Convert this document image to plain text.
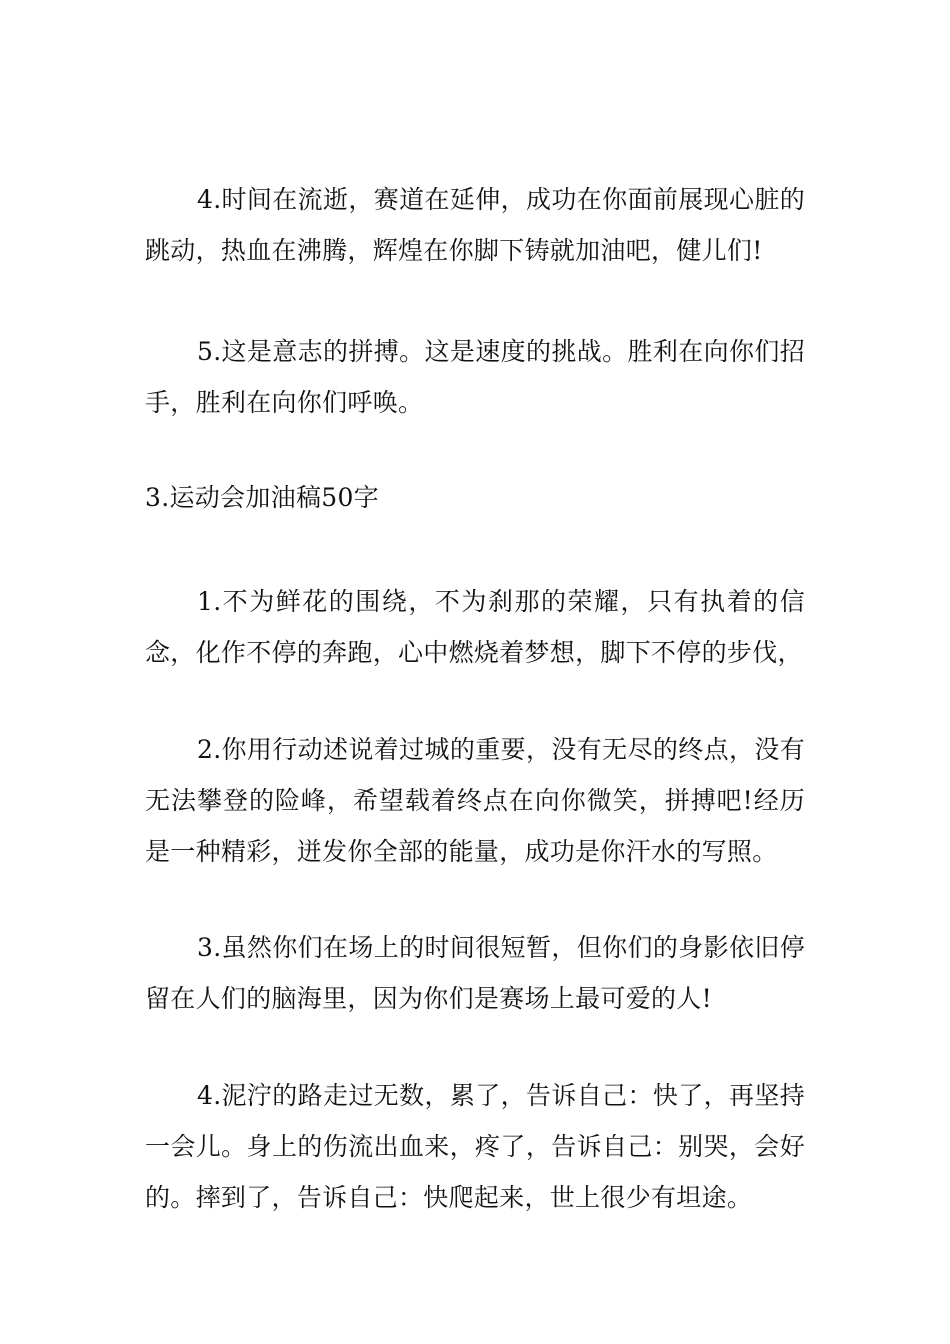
4.时间在流逝，赛道在延伸，成功在你面前展现心脏的跳动，热血在沸腾，辉煌在你脚下铸就加油吧，健儿们!

5.这是意志的拼搏。这是速度的挑战。胜利在向你们招手，胜利在向你们呼唤。

3.运动会加油稿50字

1.不为鲜花的围绕，不为刹那的荣耀，只有执着的信念，化作不停的奔跑，心中燃烧着梦想，脚下不停的步伐，

2.你用行动述说着过城的重要，没有无尽的终点，没有无法攀登的险峰，希望载着终点在向你微笑，拼搏吧!经历是一种精彩，迸发你全部的能量，成功是你汗水的写照。

3.虽然你们在场上的时间很短暂，但你们的身影依旧停留在人们的脑海里，因为你们是赛场上最可爱的人!

4.泥泞的路走过无数，累了，告诉自己：快了，再坚持一会儿。身上的伤流出血来，疼了，告诉自己：别哭，会好的。摔到了，告诉自己：快爬起来，世上很少有坦途。
